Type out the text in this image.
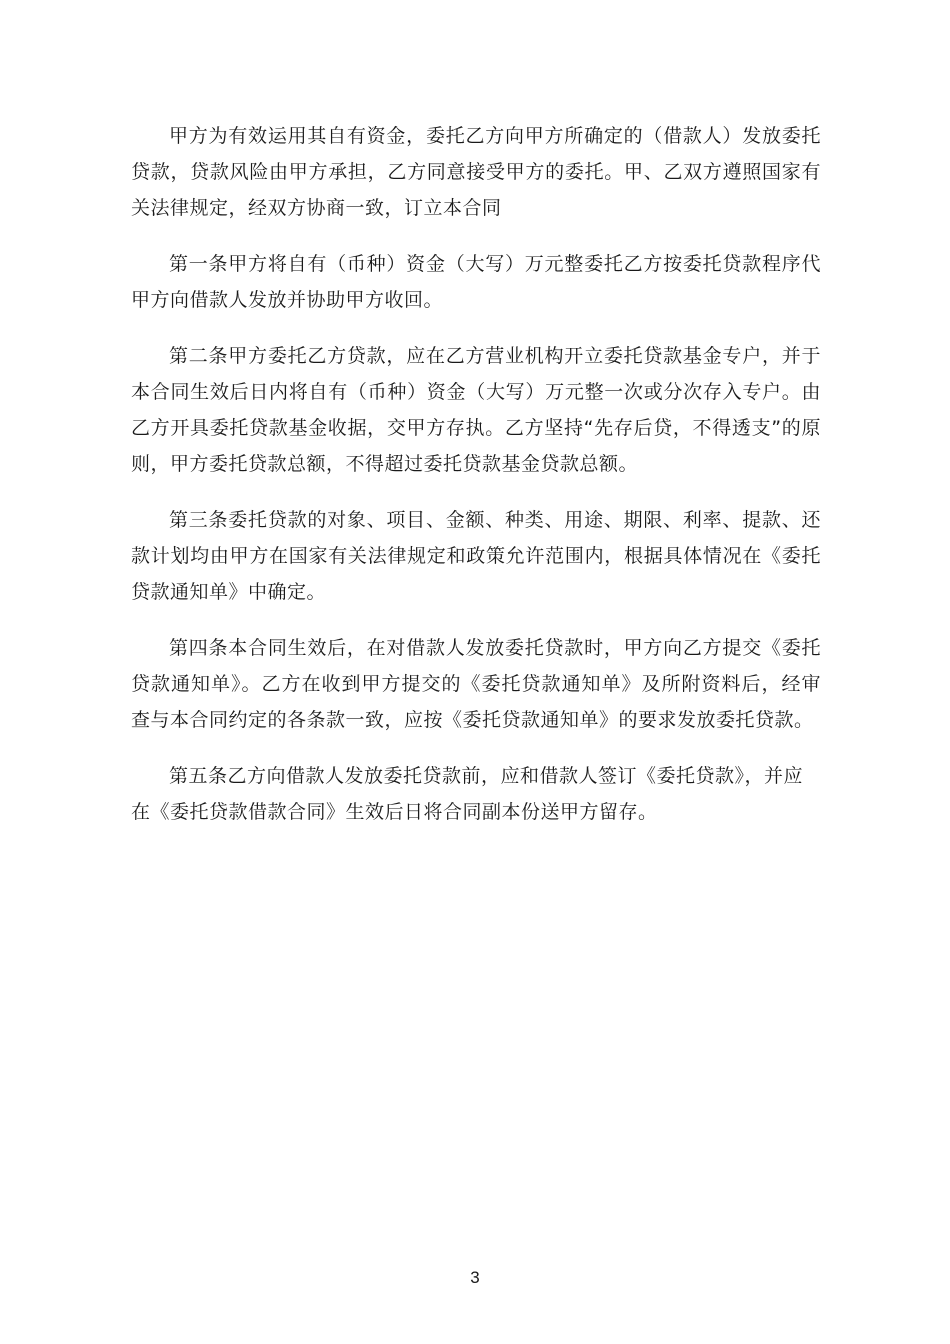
甲方为有效运用其自有资金，委托乙方向甲方所确定的（借款人）发放委托贷款，贷款风险由甲方承担，乙方同意接受甲方的委托。甲、乙双方遵照国家有关法律规定，经双方协商一致，订立本合同

第一条甲方将自有（币种）资金（大写）万元整委托乙方按委托贷款程序代甲方向借款人发放并协助甲方收回。

第二条甲方委托乙方贷款，应在乙方营业机构开立委托贷款基金专户，并于本合同生效后日内将自有（币种）资金（大写）万元整一次或分次存入专户。由乙方开具委托贷款基金收据，交甲方存执。乙方坚持“先存后贷，不得透支”的原则，甲方委托贷款总额，不得超过委托贷款基金贷款总额。

第三条委托贷款的对象、项目、金额、种类、用途、期限、利率、提款、还款计划均由甲方在国家有关法律规定和政策允许范围内，根据具体情况在《委托贷款通知单》中确定。

第四条本合同生效后，在对借款人发放委托贷款时，甲方向乙方提交《委托贷款通知单》。乙方在收到甲方提交的《委托贷款通知单》及所附资料后，经审查与本合同约定的各条款一致，应按《委托贷款通知单》的要求发放委托贷款。

第五条乙方向借款人发放委托贷款前，应和借款人签订《委托贷款》，并应在《委托贷款借款合同》生效后日将合同副本份送甲方留存。

3
